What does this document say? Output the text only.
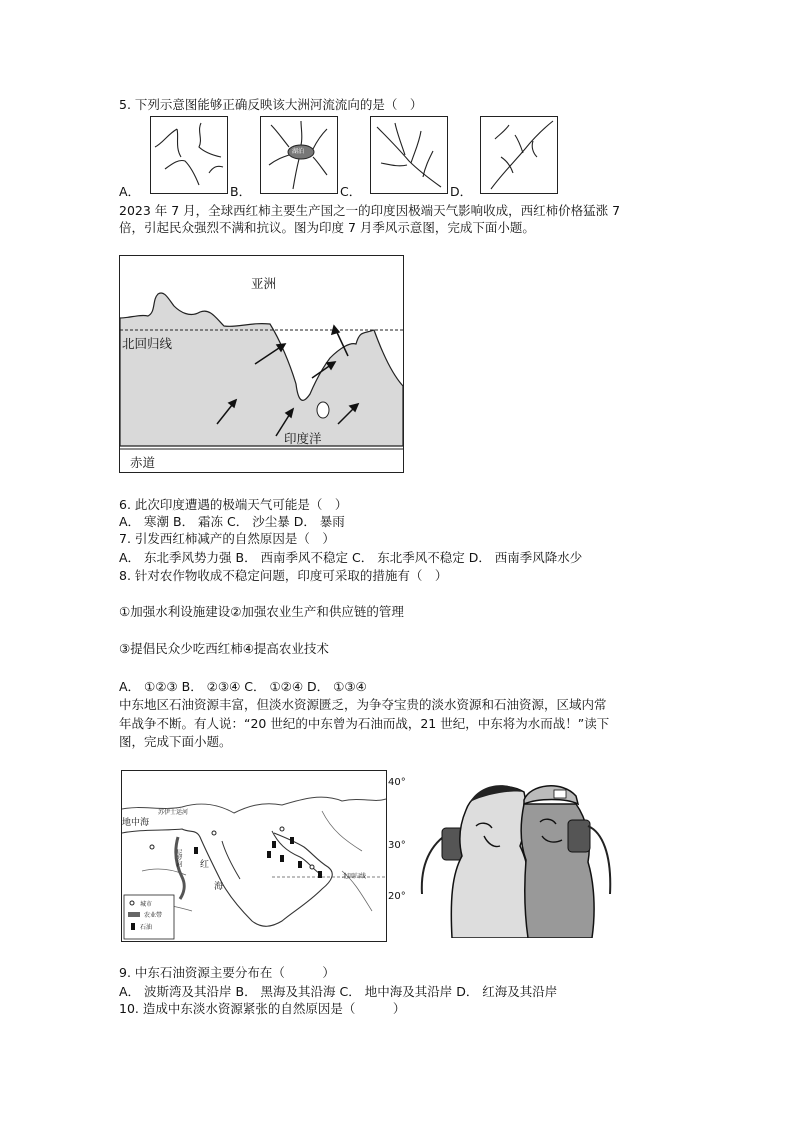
5. 下列示意图能够正确反映该大洲河流流向的是（　）
湖泊
A．	B．	C．	D．
2023 年 7 月，全球西红柿主要生产国之一的印度因极端天气影响收成，西红柿价格猛涨 7
倍，引起民众强烈不满和抗议。图为印度 7 月季风示意图，完成下面小题。
亚洲
北回归线
印度洋
赤道
6. 此次印度遭遇的极端天气可能是（　）
A． 寒潮 B． 霜冻 C． 沙尘暴 D． 暴雨
7. 引发西红柿减产的自然原因是（　）
A． 东北季风势力强 B． 西南季风不稳定 C． 东北季风不稳定 D． 西南季风降水少
8. 针对农作物收成不稳定问题，印度可采取的措施有（　）
①加强水利设施建设②加强农业生产和供应链的管理
③提倡民众少吃西红柿④提高农业技术
A． ①②③ B． ②③④ C． ①②④ D． ①③④
中东地区石油资源丰富，但淡水资源匮乏，为争夺宝贵的淡水资源和石油资源，区域内常
年战争不断。有人说：“20 世纪的中东曾为石油而战，21 世纪，中东将为水而战！”读下
图，完成下面小题。
地中海
苏伊士运河
尼罗河 红
海
北回归线
城市
农业带
石油
40°
30°
20°
9. 中东石油资源主要分布在（　　　）
A． 波斯湾及其沿岸 B． 黑海及其沿海 C． 地中海及其沿岸 D． 红海及其沿岸
10. 造成中东淡水资源紧张的自然原因是（　　　）
